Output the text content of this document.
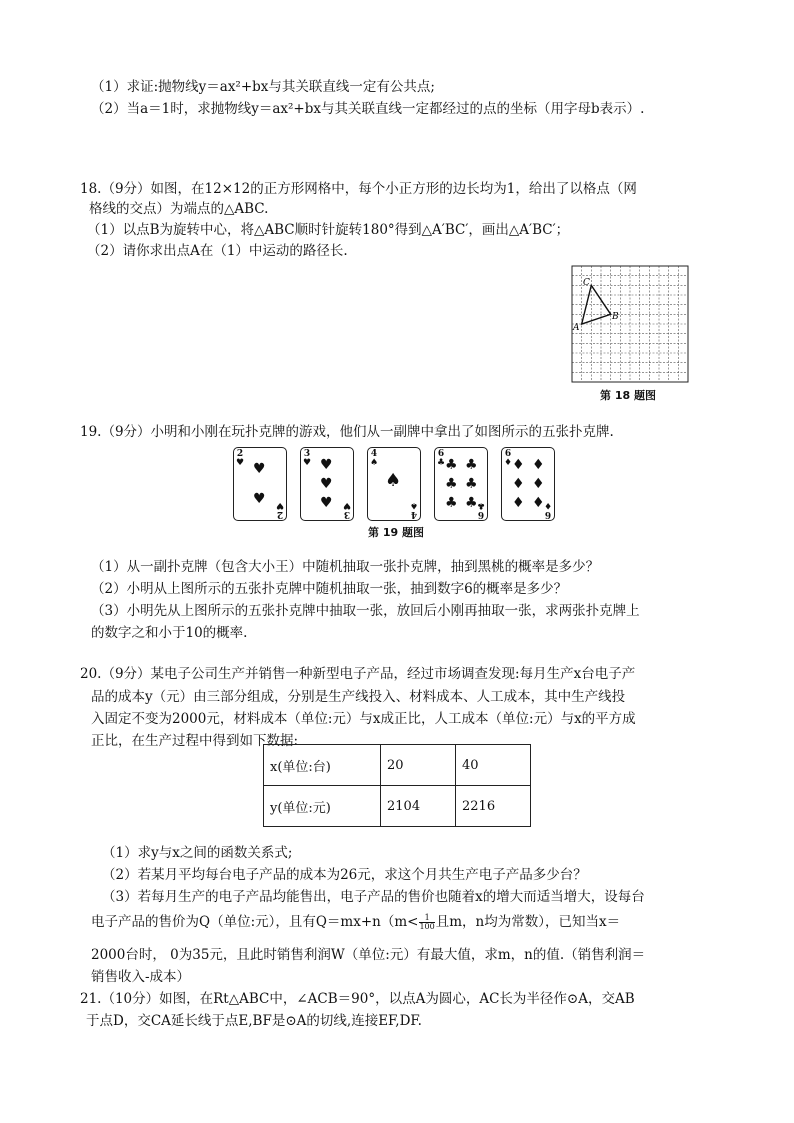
（1）求证:抛物线y＝ax²+bx与其关联直线一定有公共点;
（2）当a＝1时，求抛物线y＝ax²+bx与其关联直线一定都经过的点的坐标（用字母b表示）.
18.（9分）如图，在12×12的正方形网格中，每个小正方形的边长均为1，给出了以格点（网
格线的交点）为端点的△ABC.
（1）以点B为旋转中心，将△ABC顺时针旋转180°得到△A′BC′，画出△A′BC′；
（2）请你求出点A在（1）中运动的路径长.
C
A
B
第 18 题图
19.（9分）小明和小刚在玩扑克牌的游戏，他们从一副牌中拿出了如图所示的五张扑克牌.
2
♥
2
♥
♥
♥
3
♥
3
♥
♥
♥
♥
4
♠
4
♠
♠
6
♣
6
♣
♣ ♣
♣ ♣
♣ ♣
6
♦
6
♦
♦ ♦
♦ ♦
♦ ♦
第 19 题图
（1）从一副扑克牌（包含大小王）中随机抽取一张扑克牌，抽到黑桃的概率是多少？
（2）小明从上图所示的五张扑克牌中随机抽取一张，抽到数字6的概率是多少？
（3）小明先从上图所示的五张扑克牌中抽取一张，放回后小刚再抽取一张，求两张扑克牌上
的数字之和小于10的概率.
20.（9分）某电子公司生产并销售一种新型电子产品，经过市场调查发现:每月生产x台电子产
品的成本y（元）由三部分组成，分别是生产线投入、材料成本、人工成本，其中生产线投
入固定不变为2000元，材料成本（单位:元）与x成正比，人工成本（单位:元）与x的平方成
正比，在生产过程中得到如下数据:
x(单位:台)	20	40
y(单位:元)	2104	2216
（1）求y与x之间的函数关系式;
（2）若某月平均每台电子产品的成本为26元，求这个月共生产电子产品多少台？
（3）若每月生产的电子产品均能售出，电子产品的售价也随着x的增大而适当增大，设每台
电子产品的售价为Q（单位:元），且有$Q=mx+n(m< \frac{1}{100}$ 且m，n均为常数），已知当x＝
2000台时， 0为35元，且此时销售利润W（单位:元）有最大值，求m，n的值.（销售利润＝
销售收入-成本）
21.（10分）如图，在Rt△ABC中，∠ACB＝90°，以点A为圆心，AC长为半径作⊙A，交AB
于点D，交CA延长线于点E,BF是⊙A的切线,连接EF,DF.
